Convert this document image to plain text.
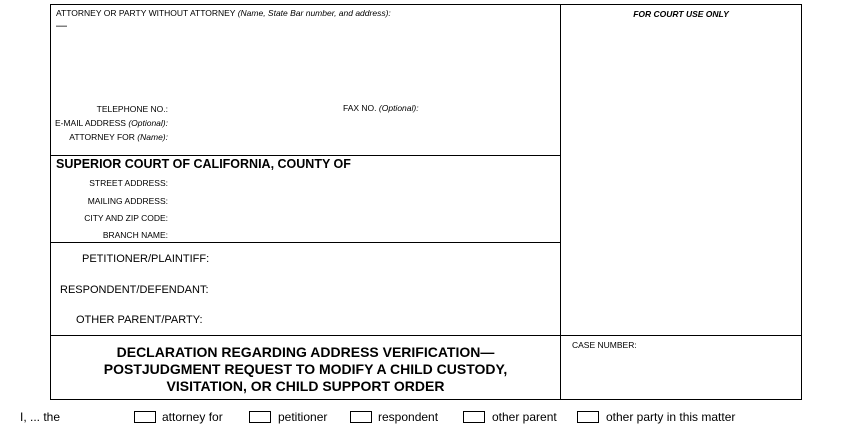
ATTORNEY OR PARTY WITHOUT ATTORNEY (Name, State Bar number, and address):
—
TELEPHONE NO.:	FAX NO. (Optional):
E-MAIL ADDRESS (Optional):
ATTORNEY FOR (Name):
SUPERIOR COURT OF CALIFORNIA, COUNTY OF
STREET ADDRESS:
MAILING ADDRESS:
CITY AND ZIP CODE:
BRANCH NAME:
PETITIONER/PLAINTIFF:
RESPONDENT/DEFENDANT:
OTHER PARENT/PARTY:
FOR COURT USE ONLY
DECLARATION REGARDING ADDRESS VERIFICATION—
POSTJUDGMENT REQUEST TO MODIFY A CHILD CUSTODY,
VISITATION, OR CHILD SUPPORT ORDER
CASE NUMBER:
I, ... the	attorney for	petitioner	respondent	other parent	other party in this matter
